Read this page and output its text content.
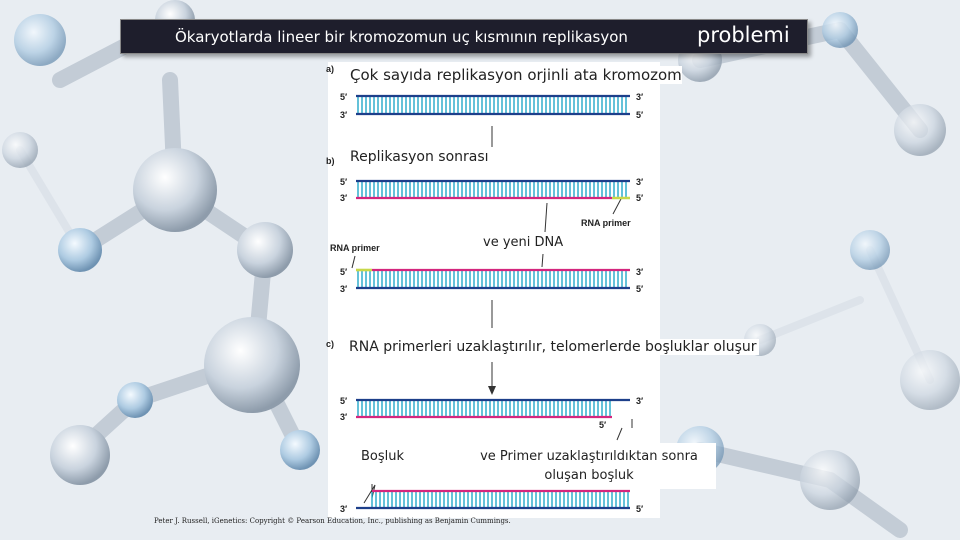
Ökaryotlarda lineer bir kromozomun uç kısmının replikasyon	problemi
a)
b)
c)
5′
3′
3′
5′
5′
3′
3′
5′
5′
3′
3′
5′
5′
3′
3′
5′
3′	5′
RNA primer
RNA primer
Çok sayıda replikasyon orjinli ata kromozom
Replikasyon sonrası
ve yeni DNA
RNA primerleri uzaklaştırılır, telomerlerde boşluklar oluşur
Boşluk	ve Primer uzaklaştırıldıktan sonra oluşan boşluk
Peter J. Russell, iGenetics: Copyright © Pearson Education, Inc., publishing as Benjamin Cummings.
